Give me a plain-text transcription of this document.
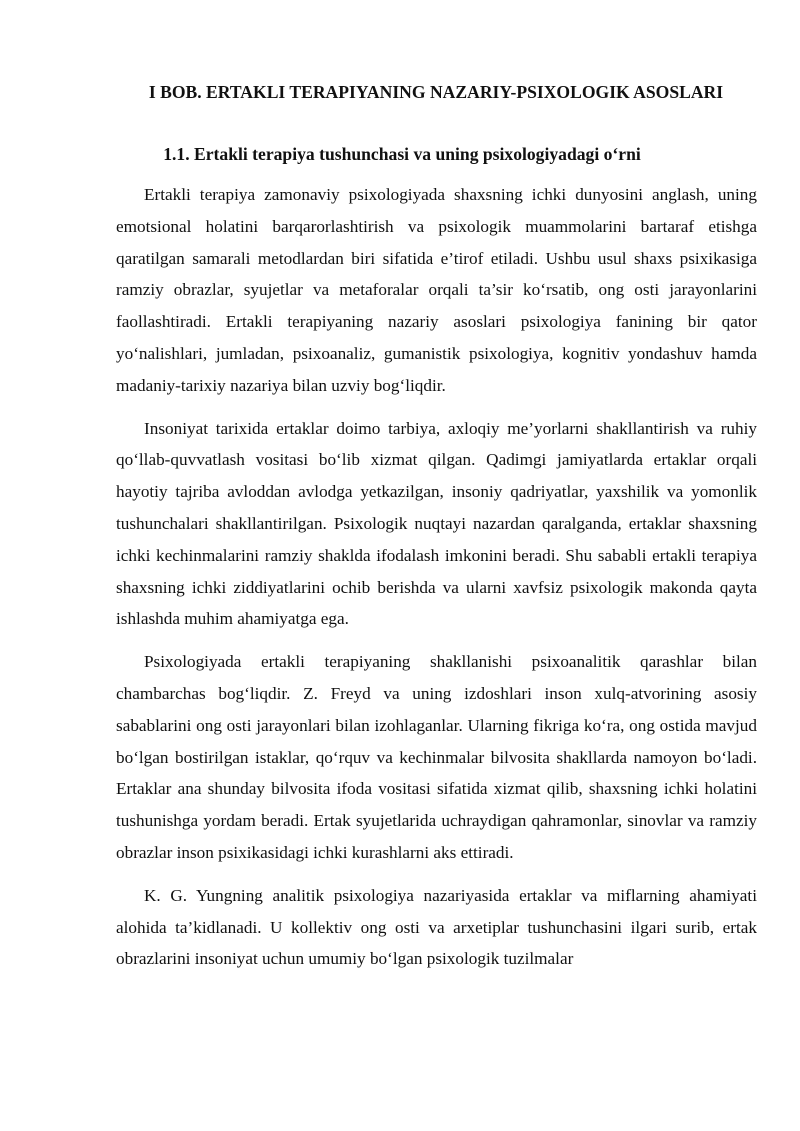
I BOB. ERTAKLI TERAPIYANING NAZARIY-PSIXOLOGIK ASOSLARI
1.1. Ertakli terapiya tushunchasi va uning psixologiyadagi o‘rni

Ertakli terapiya zamonaviy psixologiyada shaxsning ichki dunyosini anglash, uning emotsional holatini barqarorlashtirish va psixologik muammolarini bartaraf etishga qaratilgan samarali metodlardan biri sifatida e’tirof etiladi. Ushbu usul shaxs psixikasiga ramziy obrazlar, syujetlar va metaforalar orqali ta’sir ko‘rsatib, ong osti jarayonlarini faollashtiradi. Ertakli terapiyaning nazariy asoslari psixologiya fanining bir qator yo‘nalishlari, jumladan, psixoanaliz, gumanistik psixologiya, kognitiv yondashuv hamda madaniy-tarixiy nazariya bilan uzviy bog‘liqdir.

Insoniyat tarixida ertaklar doimo tarbiya, axloqiy me’yorlarni shakllantirish va ruhiy qo‘llab-quvvatlash vositasi bo‘lib xizmat qilgan. Qadimgi jamiyatlarda ertaklar orqali hayotiy tajriba avloddan avlodga yetkazilgan, insoniy qadriyatlar, yaxshilik va yomonlik tushunchalari shakllantirilgan. Psixologik nuqtayi nazardan qaralganda, ertaklar shaxsning ichki kechinmalarini ramziy shaklda ifodalash imkonini beradi. Shu sababli ertakli terapiya shaxsning ichki ziddiyatlarini ochib berishda va ularni xavfsiz psixologik makonda qayta ishlashda muhim ahamiyatga ega.

Psixologiyada ertakli terapiyaning shakllanishi psixoanalitik qarashlar bilan chambarchas bog‘liqdir. Z. Freyd va uning izdoshlari inson xulq-atvorining asosiy sabablarini ong osti jarayonlari bilan izohlaganlar. Ularning fikriga ko‘ra, ong ostida mavjud bo‘lgan bostirilgan istaklar, qo‘rquv va kechinmalar bilvosita shakllarda namoyon bo‘ladi. Ertaklar ana shunday bilvosita ifoda vositasi sifatida xizmat qilib, shaxsning ichki holatini tushunishga yordam beradi. Ertak syujetlarida uchraydigan qahramonlar, sinovlar va ramziy obrazlar inson psixikasidagi ichki kurashlarni aks ettiradi.

K. G. Yungning analitik psixologiya nazariyasida ertaklar va miflarning ahamiyati alohida ta’kidlanadi. U kollektiv ong osti va arxetiplar tushunchasini ilgari surib, ertak obrazlarini insoniyat uchun umumiy bo‘lgan psixologik tuzilmalar
